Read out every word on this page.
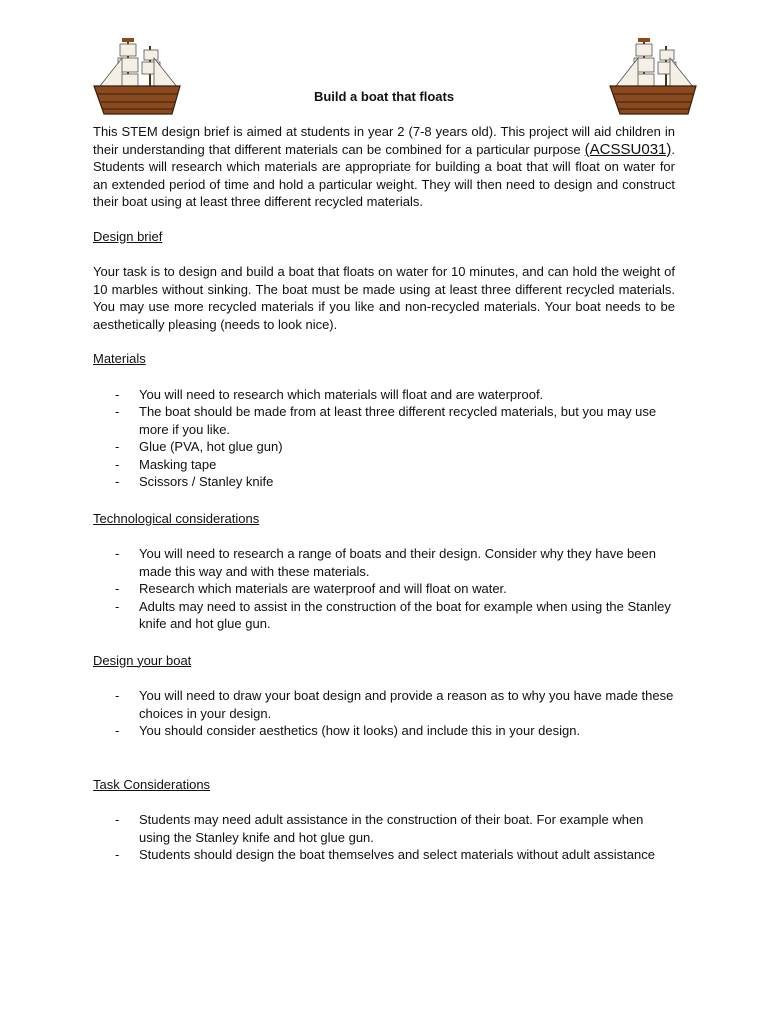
Build a boat that floats

This STEM design brief is aimed at students in year 2 (7-8 years old). This project will aid children in their understanding that different materials can be combined for a particular purpose (ACSSU031). Students will research which materials are appropriate for building a boat that will float on water for an extended period of time and hold a particular weight. They will then need to design and construct their boat using at least three different recycled materials.

Design brief

Your task is to design and build a boat that floats on water for 10 minutes, and can hold the weight of 10 marbles without sinking. The boat must be made using at least three different recycled materials. You may use more recycled materials if you like and non-recycled materials. Your boat needs to be aesthetically pleasing (needs to look nice).

Materials
- You will need to research which materials will float and are waterproof.
- The boat should be made from at least three different recycled materials, but you may use more if you like.
- Glue (PVA, hot glue gun)
- Masking tape
- Scissors / Stanley knife
Technological considerations
- You will need to research a range of boats and their design. Consider why they have been made this way and with these materials.
- Research which materials are waterproof and will float on water.
- Adults may need to assist in the construction of the boat for example when using the Stanley knife and hot glue gun.
Design your boat
- You will need to draw your boat design and provide a reason as to why you have made these choices in your design.
- You should consider aesthetics (how it looks) and include this in your design.
Task Considerations
- Students may need adult assistance in the construction of their boat. For example when using the Stanley knife and hot glue gun.
- Students should design the boat themselves and select materials without adult assistance
